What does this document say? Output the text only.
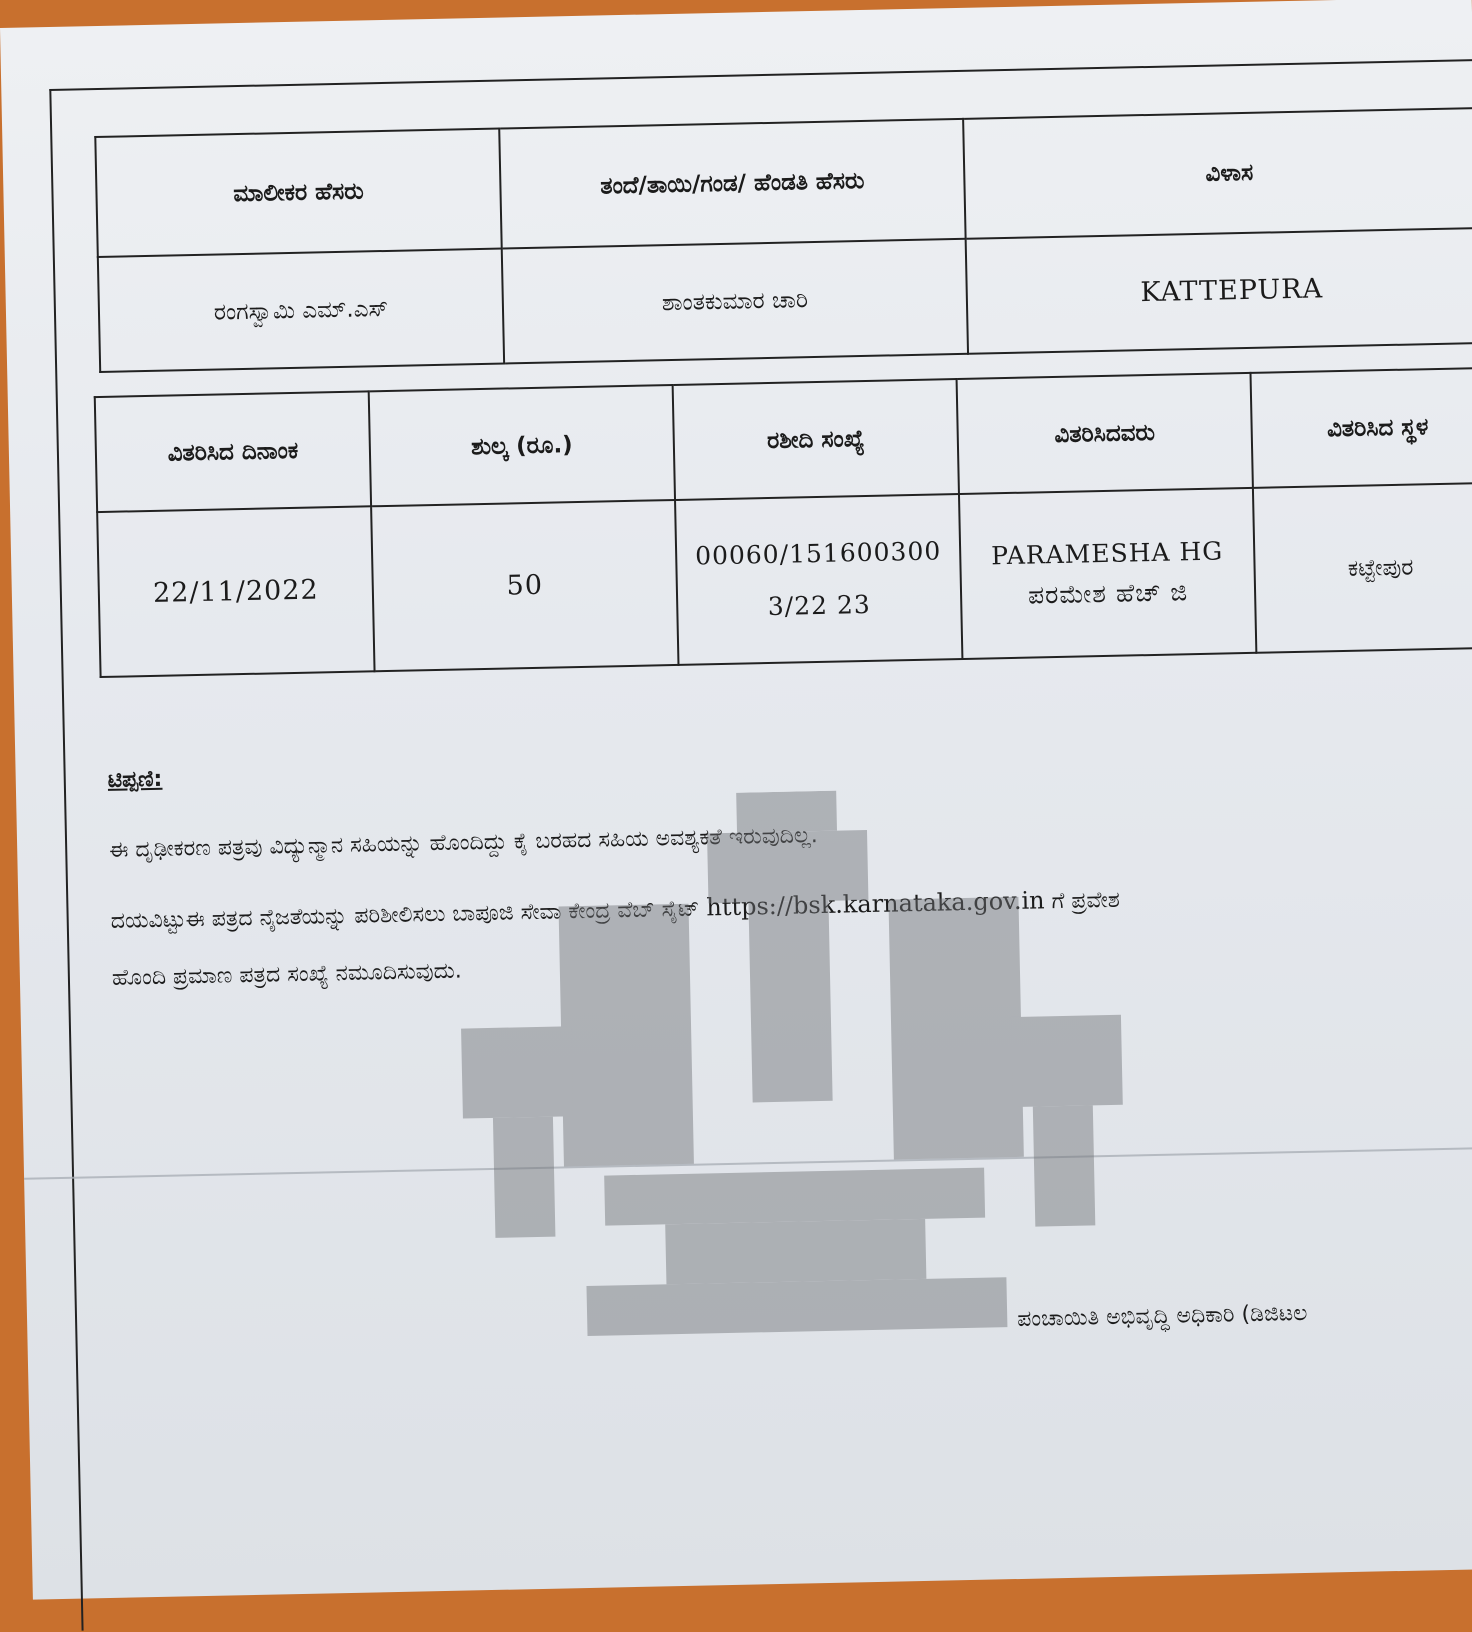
ಮಾಲೀಕರ ಹೆಸರು	ತಂದೆ/ತಾಯಿ/ಗಂಡ/ ಹೆಂಡತಿ ಹೆಸರು	ವಿಳಾಸ
ರಂಗಸ್ವಾಮಿ ಎಮ್.ಎಸ್	ಶಾಂತಕುಮಾರ ಚಾರಿ	KATTEPURA
ವಿತರಿಸಿದ ದಿನಾಂಕ	ಶುಲ್ಕ (ರೂ.)	ರಶೀದಿ ಸಂಖ್ಯೆ	ವಿತರಿಸಿದವರು	ವಿತರಿಸಿದ ಸ್ಥಳ
22/11/2022	50	00060/1516003003/22 23	PARAMESHA HG ಪರಮೇಶ ಹೆಚ್ ಜಿ	ಕಟ್ಟೇಪುರ
ಟಿಪ್ಪಣಿ:
ಈ ದೃಢೀಕರಣ ಪತ್ರವು ವಿದ್ಯುನ್ಮಾನ ಸಹಿಯನ್ನು ಹೊಂದಿದ್ದು ಕೈ ಬರಹದ ಸಹಿಯ ಅವಶ್ಯಕತೆ ಇರುವುದಿಲ್ಲ.
ದಯವಿಟ್ಟುಈ ಪತ್ರದ ನೈಜತೆಯನ್ನು ಪರಿಶೀಲಿಸಲು ಬಾಪೂಜಿ ಸೇವಾ ಕೇಂದ್ರ ವೆಬ್ ಸೈಟ್ https://bsk.karnataka.gov.in ಗೆ ಪ್ರವೇಶ
ಹೊಂದಿ ಪ್ರಮಾಣ ಪತ್ರದ ಸಂಖ್ಯೆ ನಮೂದಿಸುವುದು.
ಪಂಚಾಯಿತಿ ಅಭಿವೃದ್ಧಿ ಅಧಿಕಾರಿ (ಡಿಜಿಟಲ
